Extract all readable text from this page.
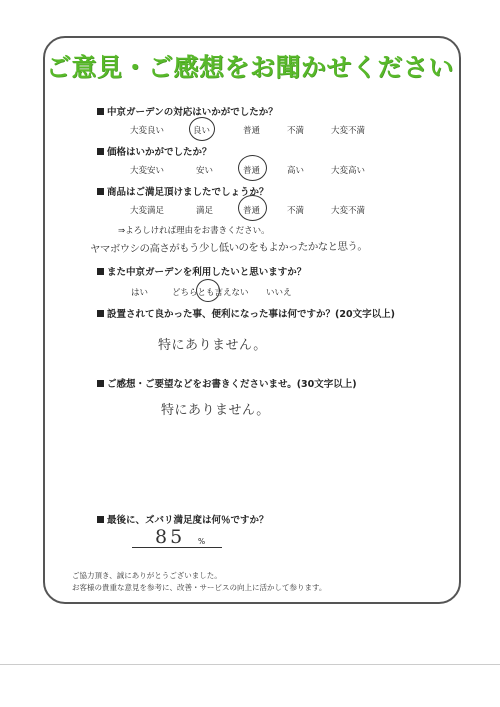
ご意見・ご感想をお聞かせください
中京ガーデンの対応はいかがでしたか？
大変良い	良い	普通	不満	大変不満
価格はいかがでしたか？
大変安い	安い	普通	高い	大変高い
商品はご満足頂けましたでしょうか？
大変満足	満足	普通	不満	大変不満
⇒よろしければ理由をお書きください。
ヤマボウシの高さがもう少し低いのをもよかったかなと思う。
また中京ガーデンを利用したいと思いますか？
はい	どちらとも言えない いいえ
設置されて良かった事、便利になった事は何ですか？(20文字以上)
特にありません。
ご感想・ご要望などをお書きくださいませ。(30文字以上)
特にありません。
最後に、ズバリ満足度は何％ですか？
85 %
ご協力頂き、誠にありがとうございました。
お客様の貴重な意見を参考に、改善・サービスの向上に活かして参ります。
